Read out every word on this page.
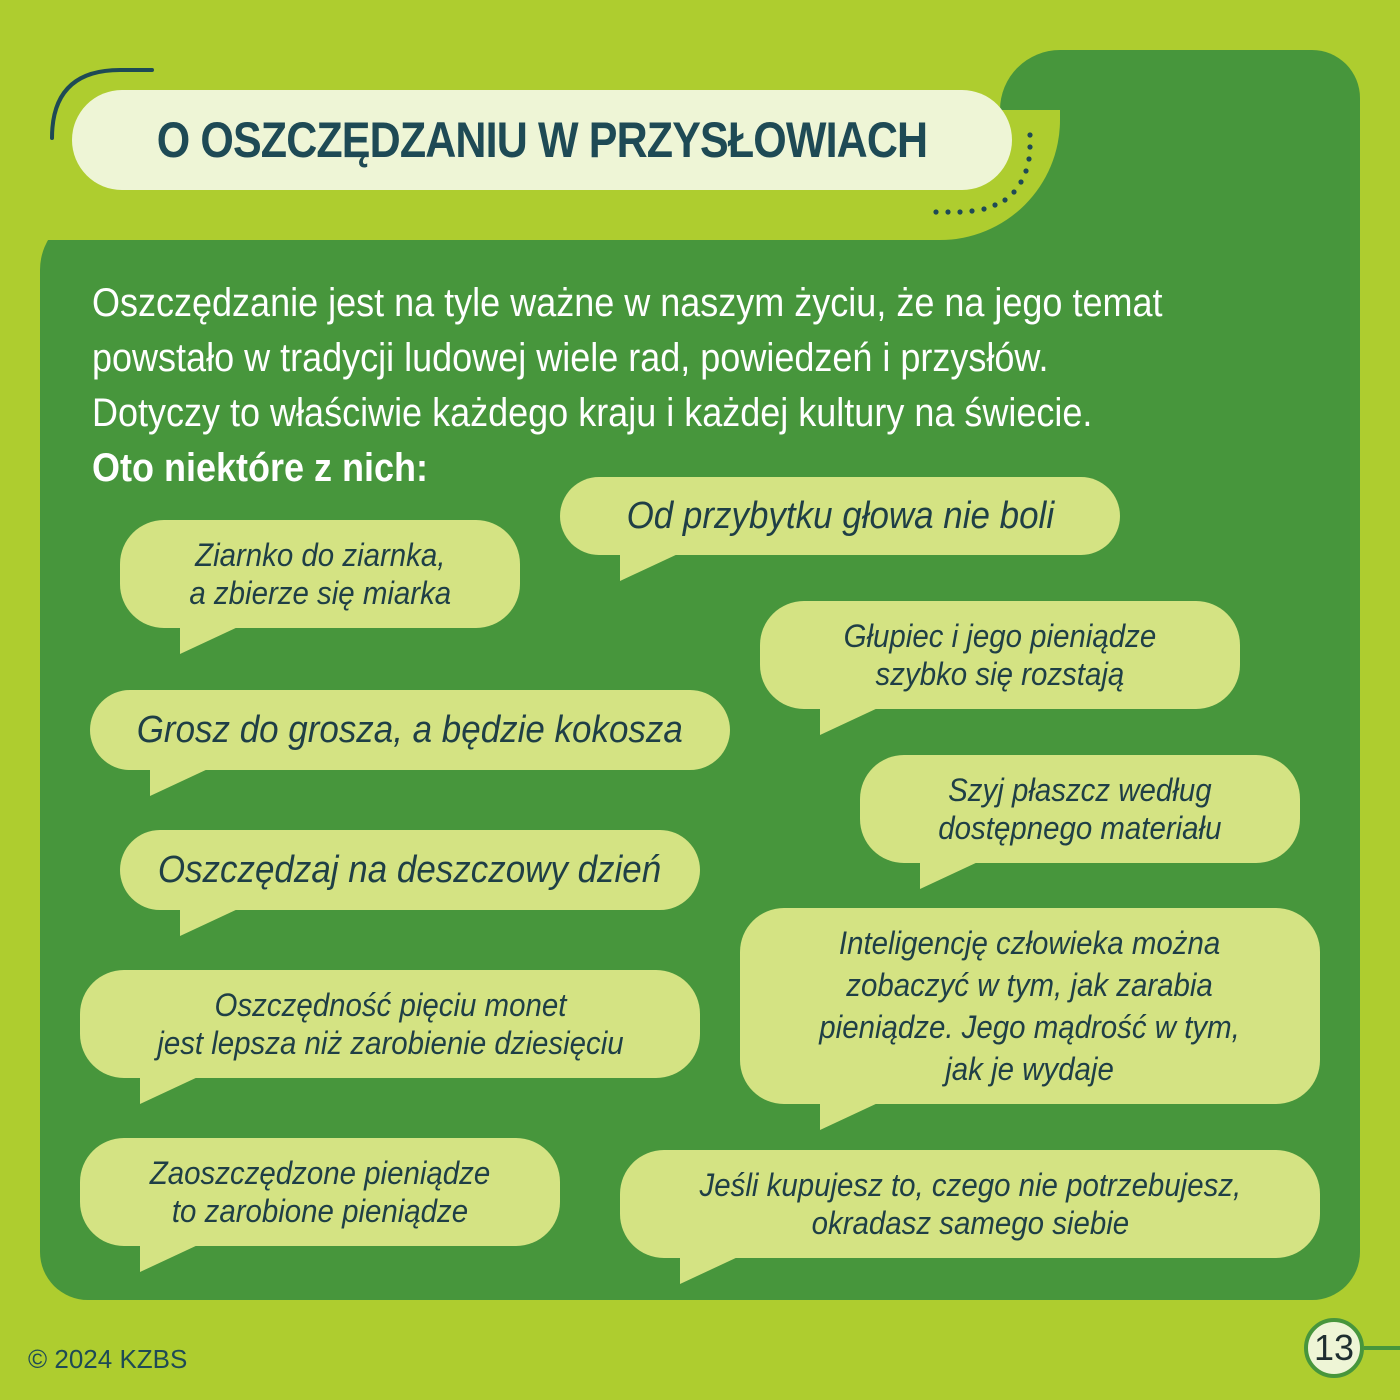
O OSZCZĘDZANIU W PRZYSŁOWIACH

Oszczędzanie jest na tyle ważne w naszym życiu, że na jego temat

powstało w tradycji ludowej wiele rad, powiedzeń i przysłów.

Dotyczy to właściwie każdego kraju i każdej kultury na świecie.

Oto niektóre z nich:

Od przybytku głowa nie boli
Ziarnko do ziarnka,
a zbierze się miarka
Głupiec i jego pieniądze
szybko się rozstają
Grosz do grosza, a będzie kokosza
Szyj płaszcz według
dostępnego materiału
Oszczędzaj na deszczowy dzień
Inteligencję człowieka można
zobaczyć w tym, jak zarabia
pieniądze. Jego mądrość w tym,
jak je wydaje
Oszczędność pięciu monet
jest lepsza niż zarobienie dziesięciu
Zaoszczędzone pieniądze
to zarobione pieniądze
Jeśli kupujesz to, czego nie potrzebujesz,
okradasz samego siebie
© 2024 KZBS	13
